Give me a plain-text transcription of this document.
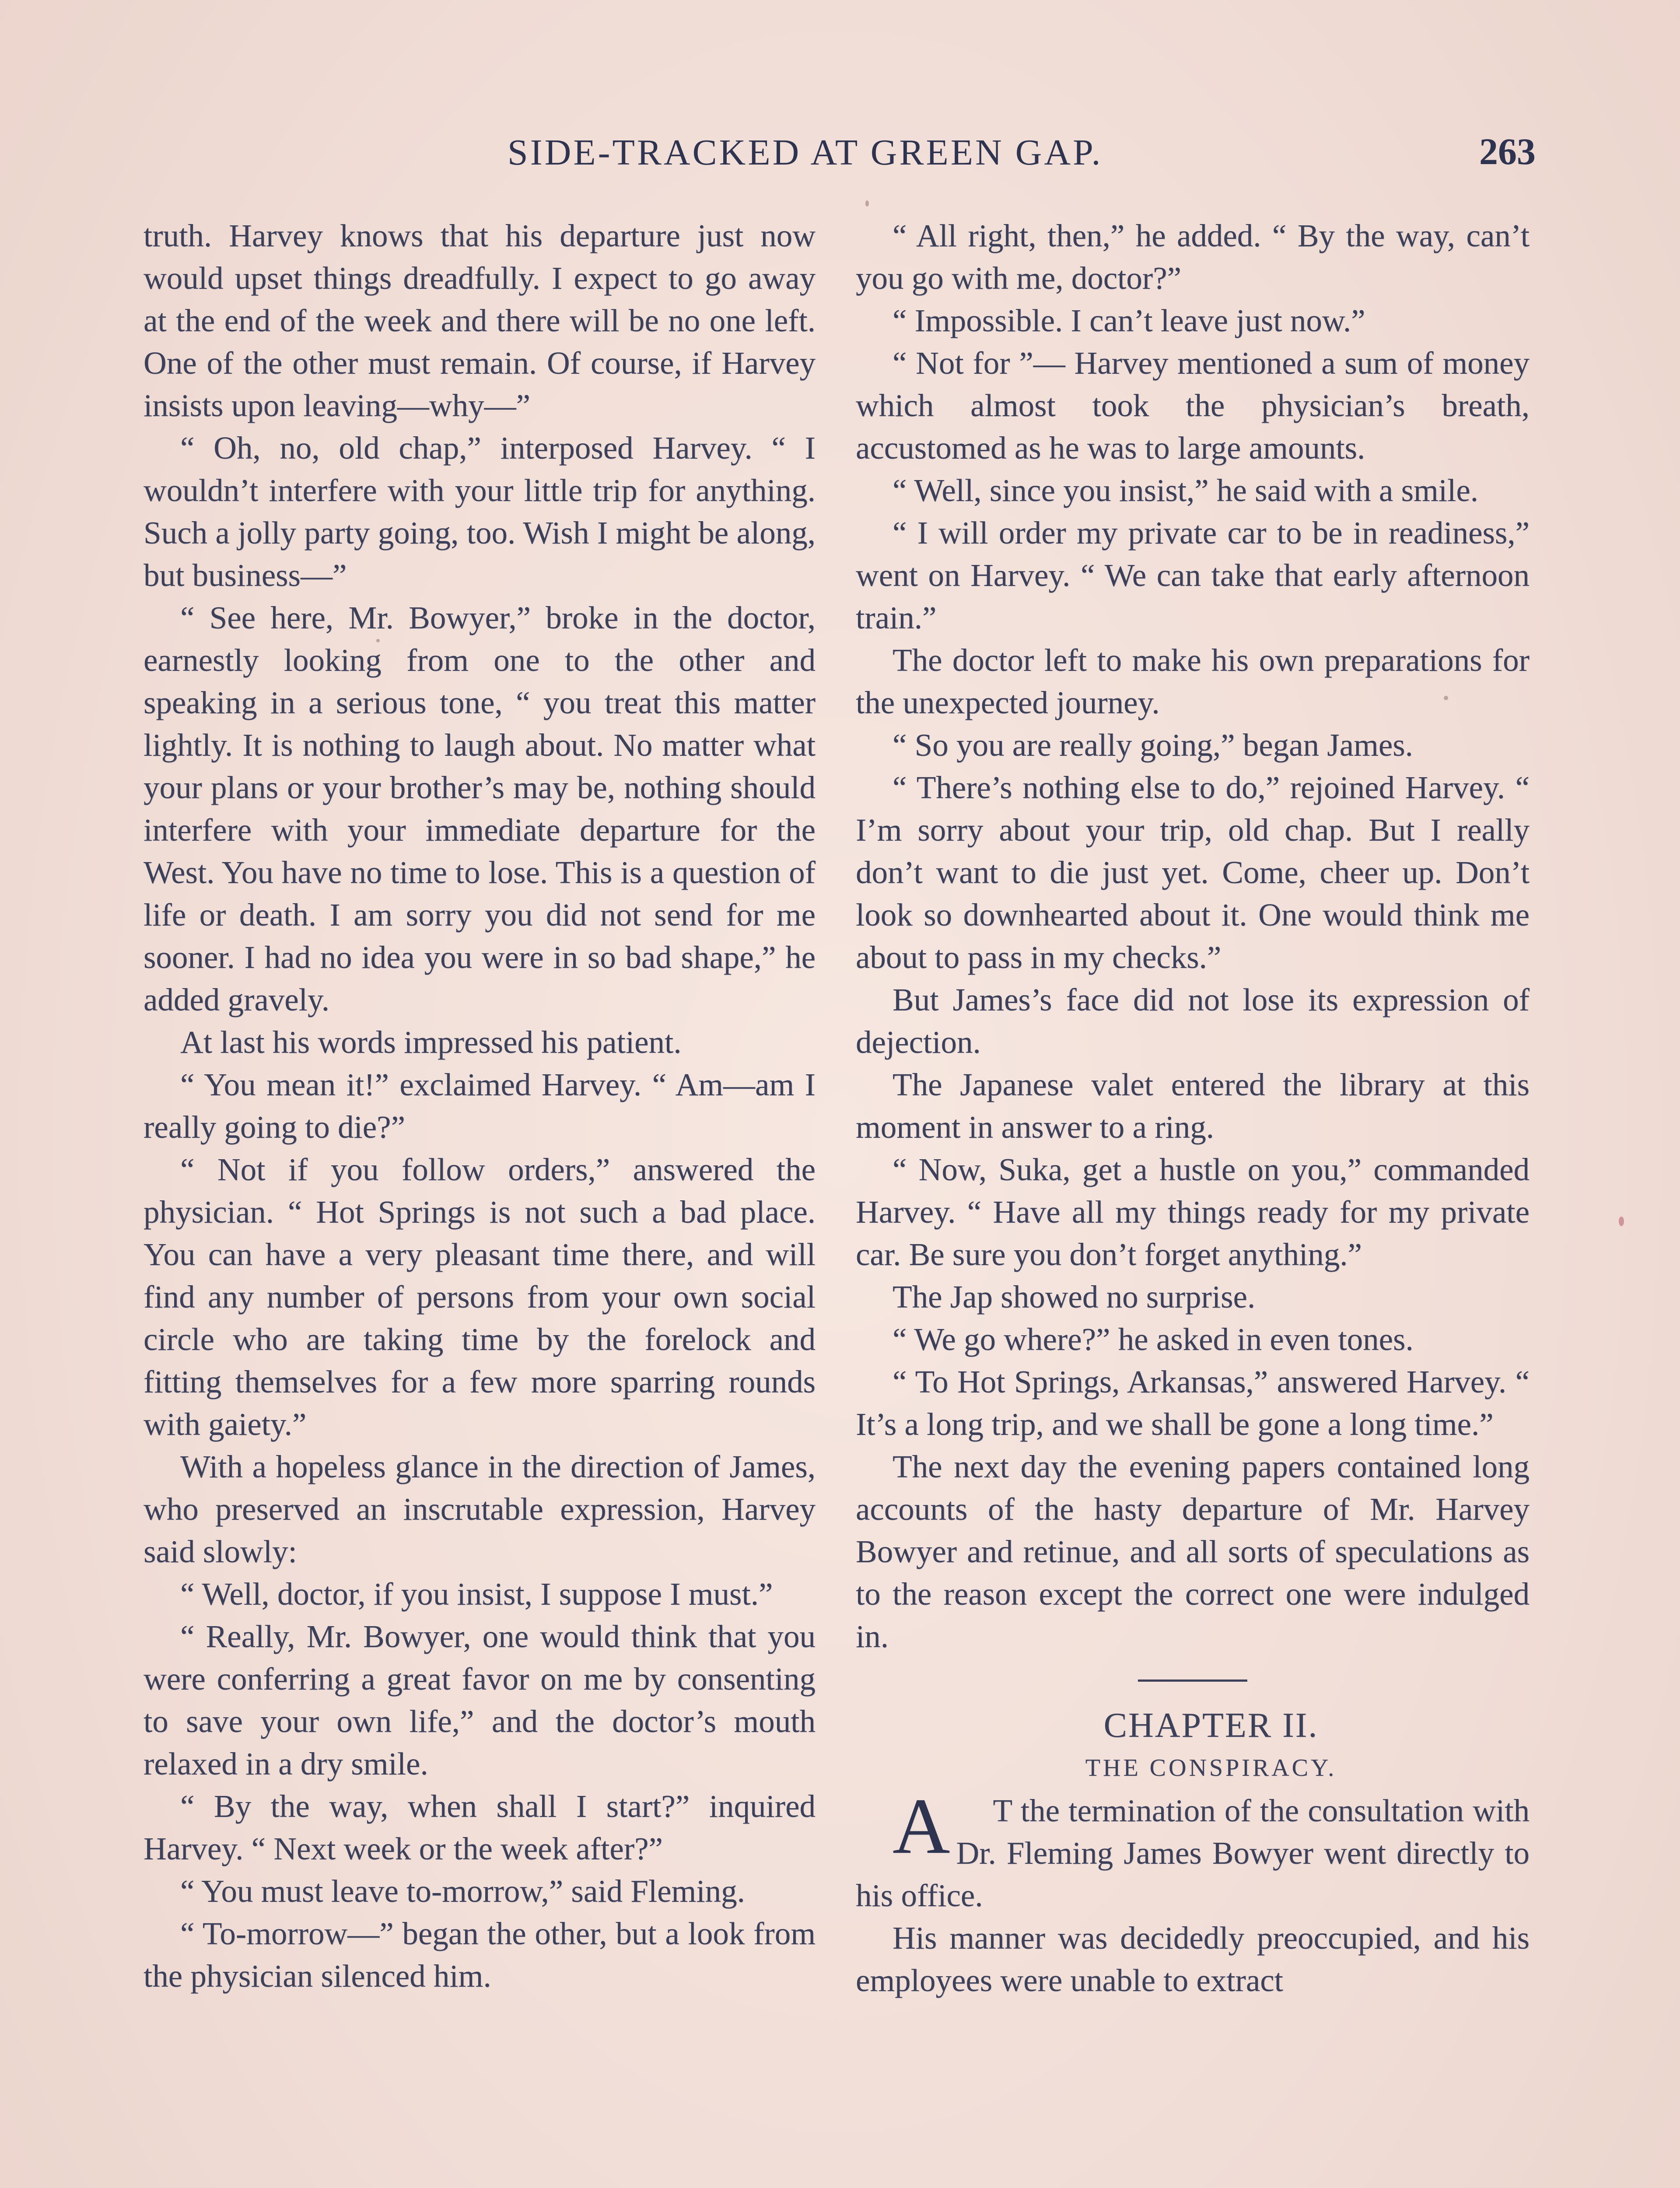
SIDE-TRACKED AT GREEN GAP.	263

truth. Harvey knows that his departure just now would upset things dreadfully. I expect to go away at the end of the week and there will be no one left. One of the other must remain. Of course, if Harvey insists upon leaving—why—”

“ Oh, no, old chap,” interposed Harvey. “ I wouldn’t interfere with your little trip for anything. Such a jolly party going, too. Wish I might be along, but business—”

“ See here, Mr. Bowyer,” broke in the doctor, earnestly looking from one to the other and speaking in a serious tone, “ you treat this matter lightly. It is nothing to laugh about. No matter what your plans or your brother’s may be, nothing should interfere with your immediate departure for the West. You have no time to lose. This is a question of life or death. I am sorry you did not send for me sooner. I had no idea you were in so bad shape,” he added gravely.

At last his words impressed his patient.

“ You mean it!” exclaimed Harvey. “ Am—am I really going to die?”

“ Not if you follow orders,” answered the physician. “ Hot Springs is not such a bad place. You can have a very pleasant time there, and will find any number of persons from your own social circle who are taking time by the forelock and fitting themselves for a few more sparring rounds with gaiety.”

With a hopeless glance in the direction of James, who preserved an inscrutable expression, Harvey said slowly:

“ Well, doctor, if you insist, I suppose I must.”

“ Really, Mr. Bowyer, one would think that you were conferring a great favor on me by consenting to save your own life,” and the doctor’s mouth relaxed in a dry smile.

“ By the way, when shall I start?” inquired Harvey. “ Next week or the week after?”

“ You must leave to-morrow,” said Fleming.

“ To-morrow—” began the other, but a look from the physician silenced him.

“ All right, then,” he added. “ By the way, can’t you go with me, doctor?”

“ Impossible. I can’t leave just now.”

“ Not for ”— Harvey mentioned a sum of money which almost took the physician’s breath, accustomed as he was to large amounts.

“ Well, since you insist,” he said with a smile.

“ I will order my private car to be in readiness,” went on Harvey. “ We can take that early afternoon train.”

The doctor left to make his own preparations for the unexpected journey.

“ So you are really going,” began James.

“ There’s nothing else to do,” rejoined Harvey. “ I’m sorry about your trip, old chap. But I really don’t want to die just yet. Come, cheer up. Don’t look so downhearted about it. One would think me about to pass in my checks.”

But James’s face did not lose its expression of dejection.

The Japanese valet entered the library at this moment in answer to a ring.

“ Now, Suka, get a hustle on you,” commanded Harvey. “ Have all my things ready for my private car. Be sure you don’t forget anything.”

The Jap showed no surprise.

“ We go where?” he asked in even tones.

“ To Hot Springs, Arkansas,” answered Harvey. “ It’s a long trip, and we shall be gone a long time.”

The next day the evening papers contained long accounts of the hasty departure of Mr. Harvey Bowyer and retinue, and all sorts of speculations as to the reason except the correct one were indulged in.

CHAPTER II.

THE CONSPIRACY.

A T the termination of the consultation with Dr. Fleming James Bowyer went directly to his office.

His manner was decidedly preoccupied, and his employees were unable to extract
